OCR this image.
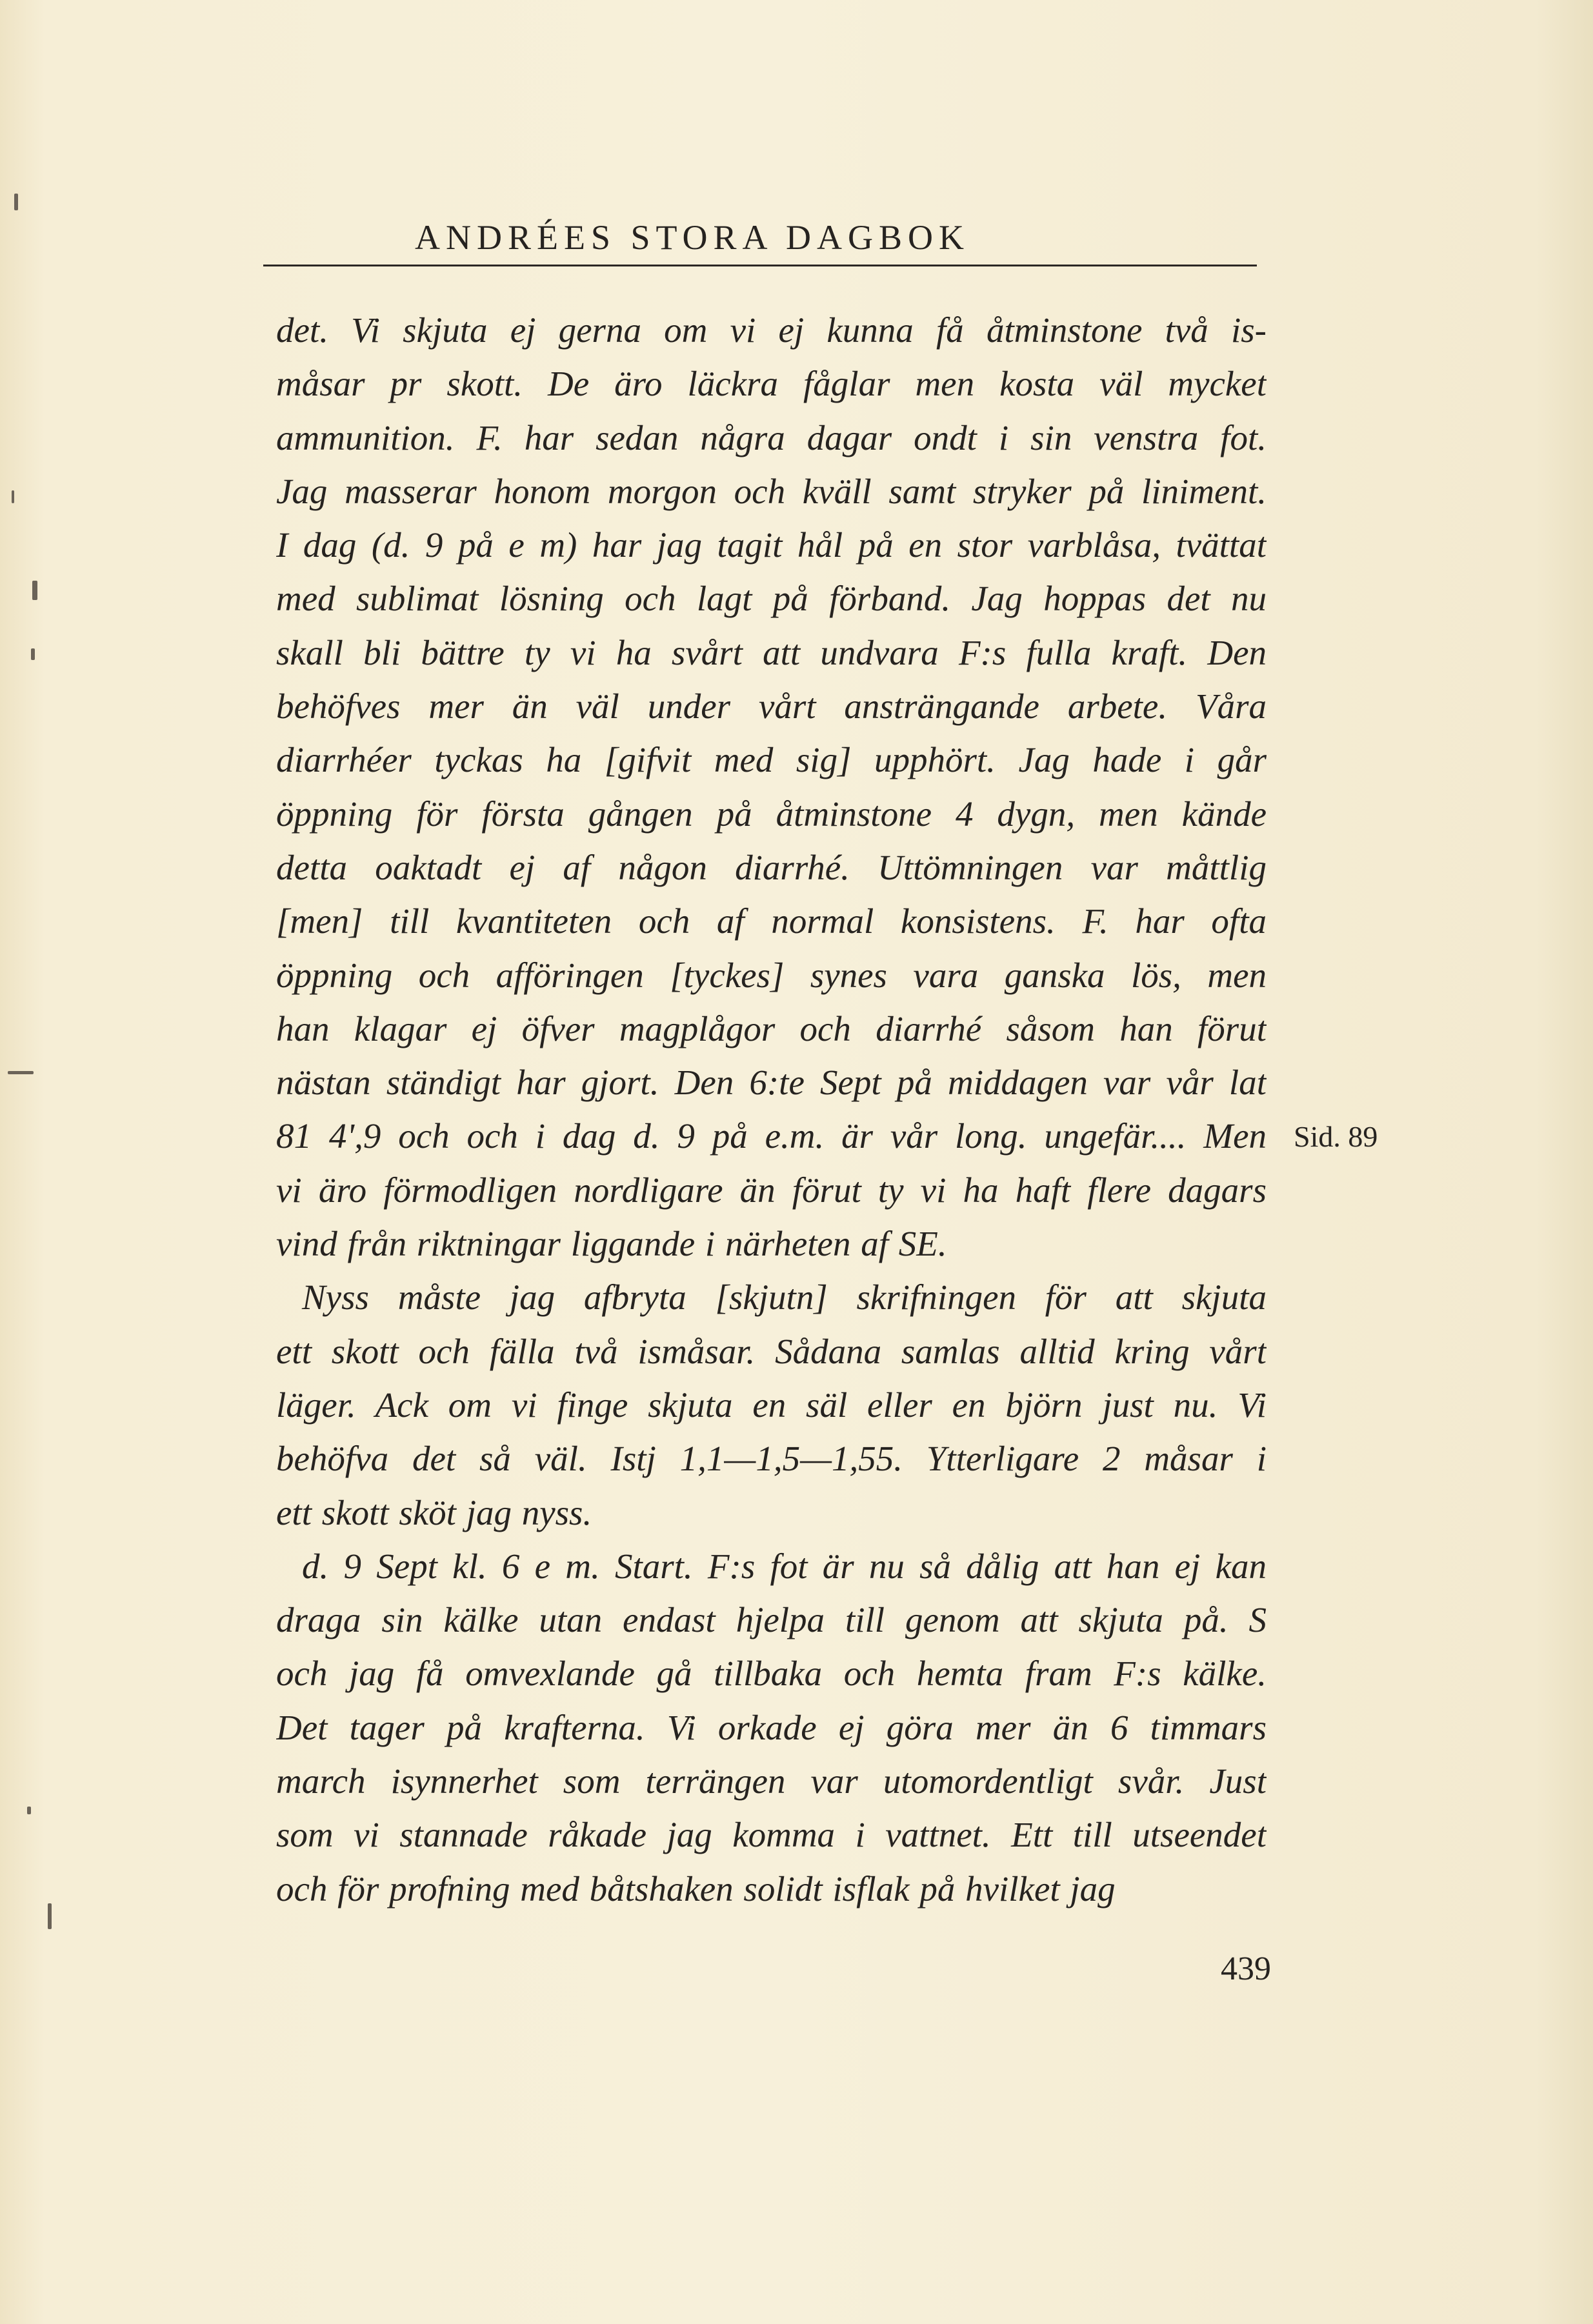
ANDRÉES STORA DAGBOK
det. Vi skjuta ej gerna om vi ej kunna få åtminstone två is-
måsar pr skott. De äro läckra fåglar men kosta väl mycket
ammunition. F. har sedan några dagar ondt i sin venstra fot.
Jag masserar honom morgon och kväll samt stryker på liniment.
I dag (d. 9 på e m) har jag tagit hål på en stor varblåsa, tvättat
med sublimat lösning och lagt på förband. Jag hoppas det nu
skall bli bättre ty vi ha svårt att undvara F:s fulla kraft. Den
behöfves mer än väl under vårt ansträngande arbete. Våra
diarrhéer tyckas ha [gifvit med sig] upphört. Jag hade i går
öppning för första gången på åtminstone 4 dygn, men kände
detta oaktadt ej af någon diarrhé. Uttömningen var måttlig
[men] till kvantiteten och af normal konsistens. F. har ofta
öppning och afföringen [tyckes] synes vara ganska lös, men
han klagar ej öfver magplågor och diarrhé såsom han förut
nästan ständigt har gjort. Den 6:te Sept på middagen var vår lat
81 4',9 och och i dag d. 9 på e.m. är vår long. ungefär.... Men
vi äro förmodligen nordligare än förut ty vi ha haft flere dagars
vind från riktningar liggande i närheten af SE.
Nyss måste jag afbryta [skjutn] skrifningen för att skjuta
ett skott och fälla två ismåsar. Sådana samlas alltid kring vårt
läger. Ack om vi finge skjuta en säl eller en björn just nu. Vi
behöfva det så väl. Istj 1,1—1,5—1,55. Ytterligare 2 måsar i
ett skott sköt jag nyss.
d. 9 Sept kl. 6 e m. Start. F:s fot är nu så dålig att han ej kan
draga sin kälke utan endast hjelpa till genom att skjuta på. S
och jag få omvexlande gå tillbaka och hemta fram F:s kälke.
Det tager på krafterna. Vi orkade ej göra mer än 6 timmars
march isynnerhet som terrängen var utomordentligt svår. Just
som vi stannade råkade jag komma i vattnet. Ett till utseendet
och för profning med båtshaken solidt isflak på hvilket jag
Sid. 89
439
